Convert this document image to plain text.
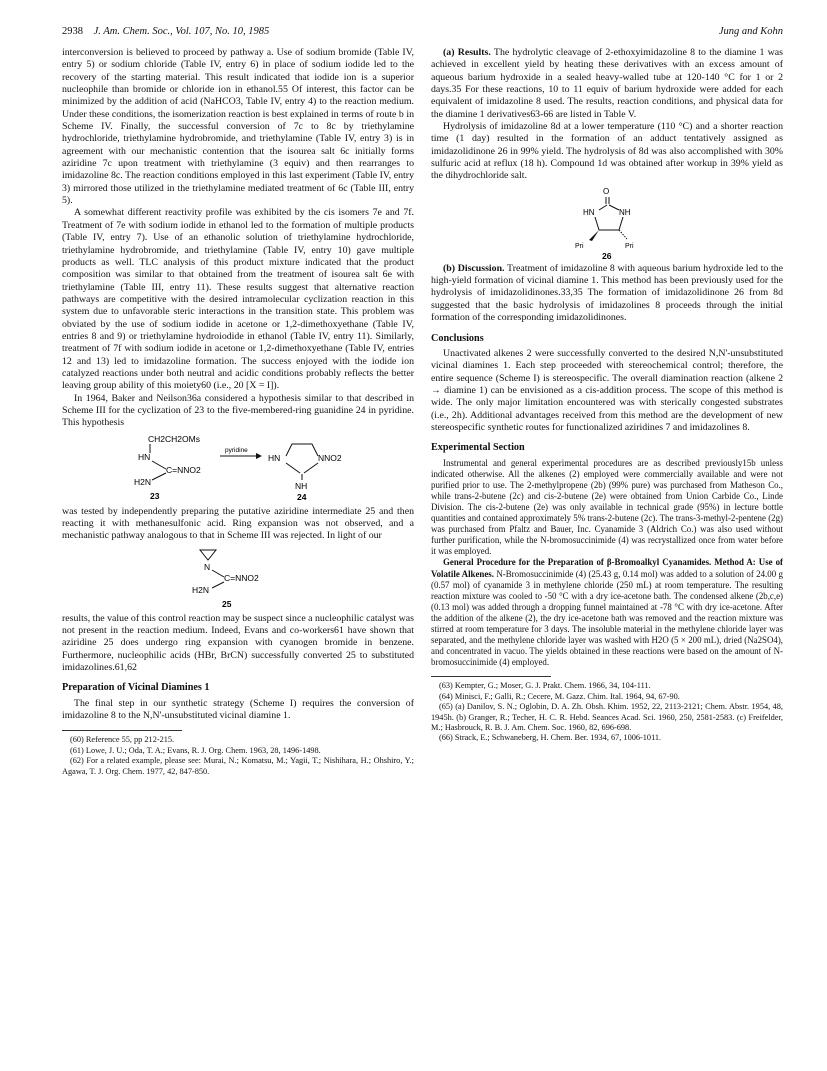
2938 J. Am. Chem. Soc., Vol. 107, No. 10, 1985	Jung and Kohn

interconversion is believed to proceed by pathway a. Use of sodium bromide (Table IV, entry 5) or sodium chloride (Table IV, entry 6) in place of sodium iodide led to the recovery of the starting material. This result indicated that iodide ion is a superior nucleophile than bromide or chloride ion in ethanol.55 Of interest, this factor can be minimized by the addition of acid (NaHCO3, Table IV, entry 4) to the reaction medium. Under these conditions, the isomerization reaction is best explained in terms of route b in Scheme IV. Finally, the successful conversion of 7c to 8c by triethylamine hydrochloride, triethylamine hydrobromide, and triethylamine (Table IV, entry 3) is in agreement with our mechanistic contention that the isourea salt 6c initially forms aziridine 7c upon treatment with triethylamine (3 equiv) and then rearranges to imidazoline 8c. The reaction conditions employed in this last experiment (Table IV, entry 3) mirrored those utilized in the triethylamine mediated treatment of 6c (Table III, entry 5).

A somewhat different reactivity profile was exhibited by the cis isomers 7e and 7f. Treatment of 7e with sodium iodide in ethanol led to the formation of multiple products (Table IV, entry 7). Use of an ethanolic solution of triethylamine hydrochloride, triethylamine hydrobromide, and triethylamine (Table IV, entry 10) gave multiple products as well. TLC analysis of this product mixture indicated that the product composition was similar to that obtained from the treatment of isourea salt 6e with triethylamine (Table III, entry 11). These results suggest that alternative reaction pathways are competitive with the desired intramolecular cyclization reaction in this system due to unfavorable steric interactions in the transition state. This problem was obviated by the use of sodium iodide in acetone or 1,2-dimethoxyethane (Table IV, entries 8 and 9) or triethylamine hydroiodide in ethanol (Table IV, entry 11). Similarly, treatment of 7f with sodium iodide in acetone or 1,2-dimethoxyethane (Table IV, entries 12 and 13) led to imidazoline formation. The success enjoyed with the iodide ion catalyzed reactions under both neutral and acidic conditions probably reflects the better leaving group ability of this moiety60 (i.e., 20 [X = I]).

In 1964, Baker and Neilson36a considered a hypothesis similar to that described in Scheme III for the cyclization of 23 to the five-membered-ring guanidine 24 in pyridine. This hypothesis

CH2CH2OMs
HN
C=NNO2
H2N
23
pyridine
HN	NNO2
NH
24

was tested by independently preparing the putative aziridine intermediate 25 and then reacting it with methanesulfonic acid. Ring expansion was not observed, and a mechanistic pathway analogous to that in Scheme III was rejected. In light of our

N
C=NNO2
H2N
25

results, the value of this control reaction may be suspect since a nucleophilic catalyst was not present in the reaction medium. Indeed, Evans and co-workers61 have shown that aziridine 25 does undergo ring expansion with cyanogen bromide in benzene. Furthermore, nucleophilic acids (HBr, BrCN) successfully converted 25 to substituted imidazolines.61,62

Preparation of Vicinal Diamines 1

The final step in our synthetic strategy (Scheme I) requires the conversion of imidazoline 8 to the N,N'-unsubstituted vicinal diamine 1.

(60) Reference 55, pp 212-215.
(61) Lowe, J. U.; Oda, T. A.; Evans, R. J. Org. Chem. 1963, 28, 1496-1498.
(62) For a related example, please see: Murai, N.; Komatsu, M.; Yagii, T.; Nishihara, H.; Ohshiro, Y.; Agawa, T. J. Org. Chem. 1977, 42, 847-850.

(a) Results. The hydrolytic cleavage of 2-ethoxyimidazoline 8 to the diamine 1 was achieved in excellent yield by heating these derivatives with an excess amount of aqueous barium hydroxide in a sealed heavy-walled tube at 120-140 °C for 1 or 2 days.35 For these reactions, 10 to 11 equiv of barium hydroxide were added for each equivalent of imidazoline 8 used. The results, reaction conditions, and physical data for the diamine 1 derivatives63-66 are listed in Table V.

Hydrolysis of imidazoline 8d at a lower temperature (110 °C) and a shorter reaction time (1 day) resulted in the formation of an adduct tentatively assigned as imidazolidinone 26 in 99% yield. The hydrolysis of 8d was also accomplished with 30% sulfuric acid at reflux (18 h). Compound 1d was obtained after workup in 39% yield as the dihydrochloride salt.

O
HN	NH
Pri	Pri
26

(b) Discussion. Treatment of imidazoline 8 with aqueous barium hydroxide led to the high-yield formation of vicinal diamine 1. This method has been previously used for the hydrolysis of imidazolidinones.33,35 The formation of imidazolidinone 26 from 8d suggested that the basic hydrolysis of imidazolines 8 proceeds through the initial formation of the corresponding imidazolidinones.

Conclusions

Unactivated alkenes 2 were successfully converted to the desired N,N'-unsubstituted vicinal diamines 1. Each step proceeded with stereochemical control; therefore, the entire sequence (Scheme I) is stereospecific. The overall diamination reaction (alkene 2 → diamine 1) can be envisioned as a cis-addition process. The scope of this method is wide. The only major limitation encountered was with sterically congested substrates (i.e., 2h). Additional advantages received from this method are the development of new stereospecific synthetic routes for functionalized aziridines 7 and imidazolines 8.

Experimental Section

Instrumental and general experimental procedures are as described previously15b unless indicated otherwise. All the alkenes (2) employed were commercially available and were not purified prior to use. The 2-methylpropene (2b) (99% pure) was purchased from Matheson Co., while trans-2-butene (2c) and cis-2-butene (2e) were obtained from Union Carbide Co., Linde Division. The cis-2-butene (2e) was only available in technical grade (95%) in lecture bottle quantities and contained approximately 5% trans-2-butene (2c). The trans-3-methyl-2-pentene (2g) was purchased from Pfaltz and Bauer, Inc. Cyanamide 3 (Aldrich Co.) was also used without further purification, while the N-bromosuccinimide (4) was recrystallized once from water before it was employed.

General Procedure for the Preparation of β-Bromoalkyl Cyanamides. Method A: Use of Volatile Alkenes. N-Bromosuccinimide (4) (25.43 g, 0.14 mol) was added to a solution of 24.00 g (0.57 mol) of cyanamide 3 in methylene chloride (250 mL) at room temperature. The resulting reaction mixture was cooled to -50 °C with a dry ice-acetone bath. The condensed alkene (2b,c,e) (0.13 mol) was added through a dropping funnel maintained at -78 °C with dry ice-acetone. After the addition of the alkene (2), the dry ice-acetone bath was removed and the reaction mixture was stirred at room temperature for 3 days. The insoluble material in the methylene chloride layer was separated, and the methylene chloride layer was washed with H2O (5 × 200 mL), dried (Na2SO4), and concentrated in vacuo. The yields obtained in these reactions were based on the amount of N-bromosuccinimide (4) employed.

(63) Kempter, G.; Moser, G. J. Prakt. Chem. 1966, 34, 104-111.
(64) Minisci, F.; Galli, R.; Cecere, M. Gazz. Chim. Ital. 1964, 94, 67-90.
(65) (a) Danilov, S. N.; Oglobin, D. A. Zh. Obsh. Khim. 1952, 22, 2113-2121; Chem. Abstr. 1954, 48, 1945h. (b) Granger, R.; Techer, H. C. R. Hebd. Seances Acad. Sci. 1960, 250, 2581-2583. (c) Freifelder, M.; Hasbrouck, R. B. J. Am. Chem. Soc. 1960, 82, 696-698.
(66) Strack, E.; Schwaneberg, H. Chem. Ber. 1934, 67, 1006-1011.
